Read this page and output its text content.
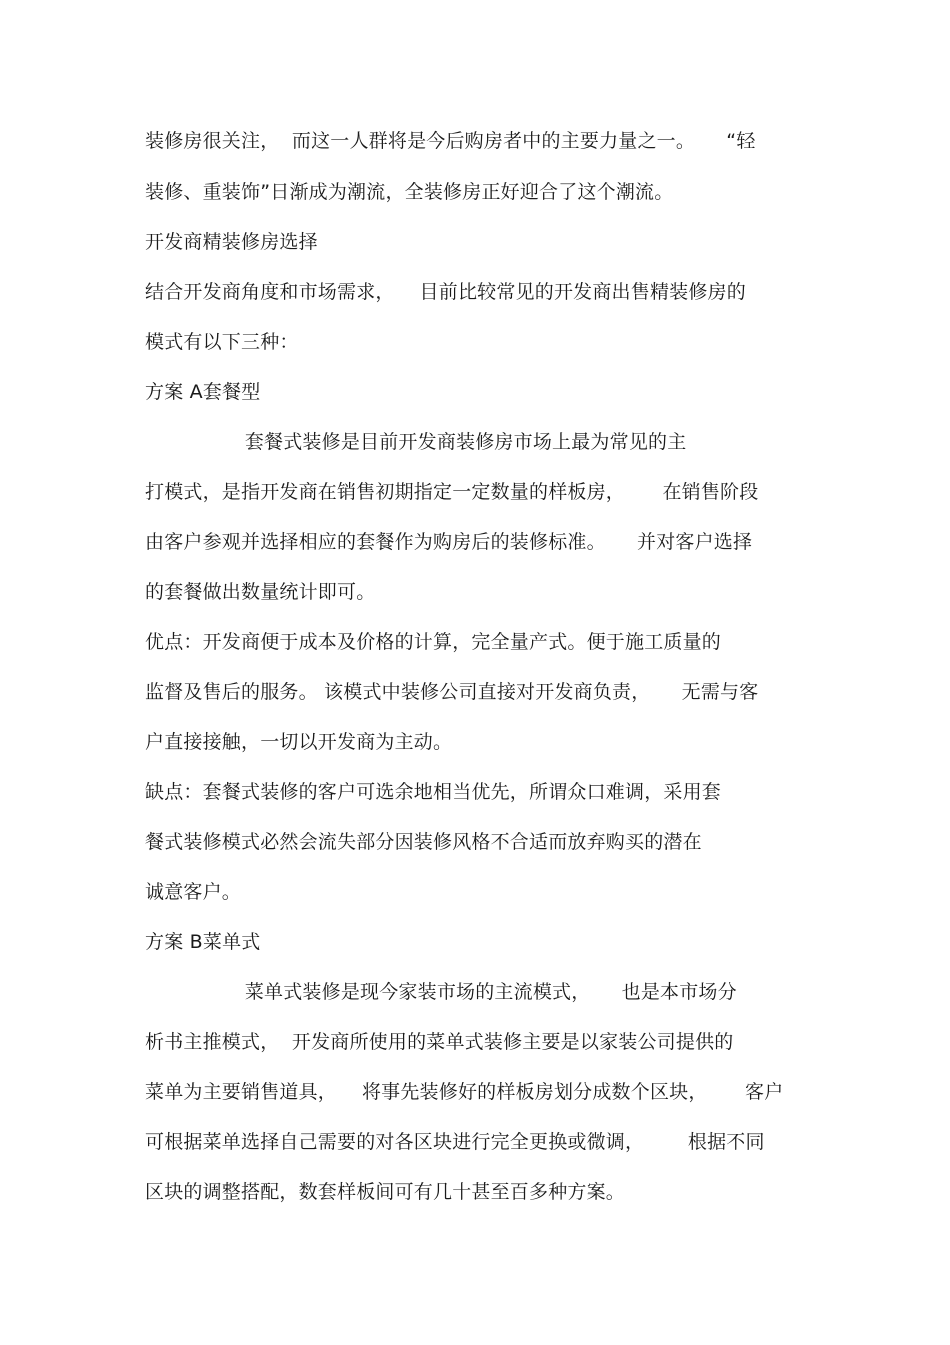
装修房很关注，  而这一人群将是今后购房者中的主要力量之一。     “轻
装修、重装饰”日渐成为潮流，全装修房正好迎合了这个潮流。
开发商精装修房选择
结合开发商角度和市场需求，    目前比较常见的开发商出售精装修房的
模式有以下三种：
方案 A套餐型
套餐式装修是目前开发商装修房市场上最为常见的主
打模式，是指开发商在销售初期指定一定数量的样板房，      在销售阶段
由客户参观并选择相应的套餐作为购房后的装修标准。     并对客户选择
的套餐做出数量统计即可。
优点：开发商便于成本及价格的计算，完全量产式。便于施工质量的
监督及售后的服务。 该模式中装修公司直接对开发商负责，     无需与客
户直接接触，一切以开发商为主动。
缺点：套餐式装修的客户可选余地相当优先，所谓众口难调，采用套
餐式装修模式必然会流失部分因装修风格不合适而放弃购买的潜在
诚意客户。
方案 B菜单式
菜单式装修是现今家装市场的主流模式，     也是本市场分
析书主推模式，  开发商所使用的菜单式装修主要是以家装公司提供的
菜单为主要销售道具，    将事先装修好的样板房划分成数个区块，      客户
可根据菜单选择自己需要的对各区块进行完全更换或微调，       根据不同
区块的调整搭配，数套样板间可有几十甚至百多种方案。
